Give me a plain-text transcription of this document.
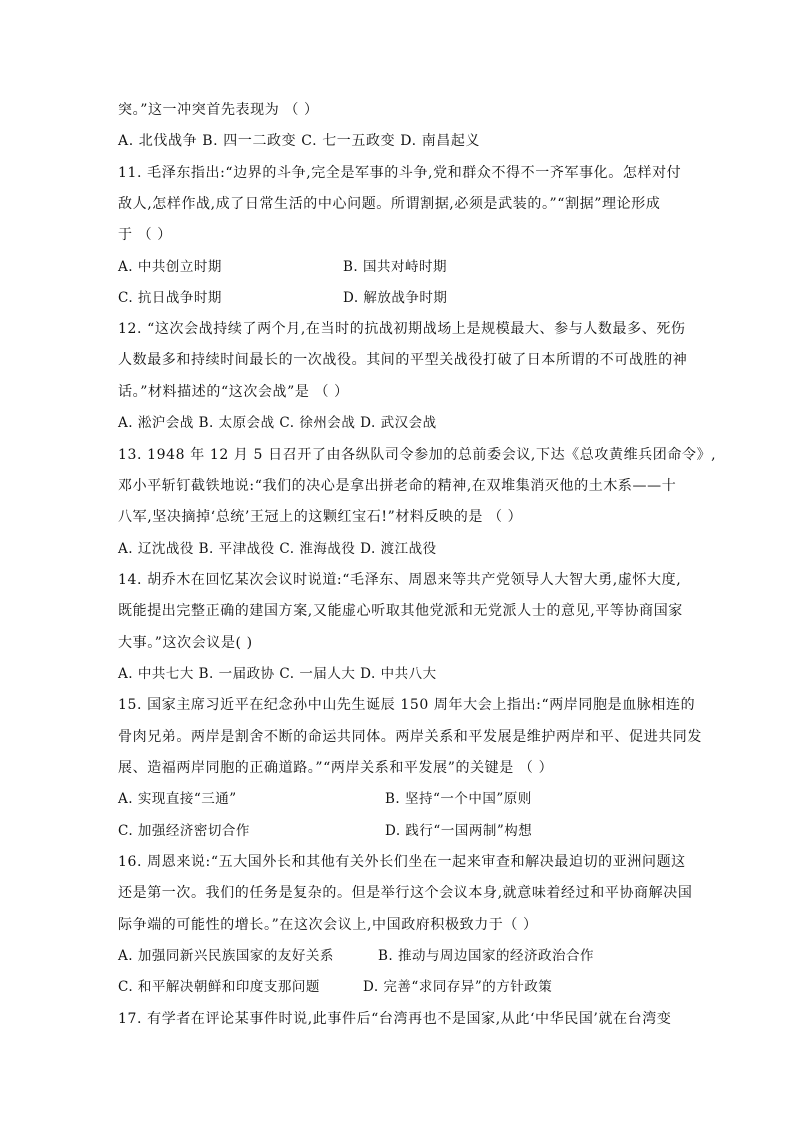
突。”这一冲突首先表现为 （ ）
A. 北伐战争 B. 四一二政变 C. 七一五政变 D. 南昌起义
11. 毛泽东指出:“边界的斗争,完全是军事的斗争,党和群众不得不一齐军事化。怎样对付
敌人,怎样作战,成了日常生活的中心问题。所谓割据,必须是武装的。”“割据”理论形成
于 （ ）
A. 中共创立时期	B. 国共对峙时期
C. 抗日战争时期	D. 解放战争时期
12. “这次会战持续了两个月,在当时的抗战初期战场上是规模最大、参与人数最多、死伤
人数最多和持续时间最长的一次战役。其间的平型关战役打破了日本所谓的不可战胜的神
话。”材料描述的“这次会战”是 （ ）
A. 淞沪会战 B. 太原会战 C. 徐州会战 D. 武汉会战
13. 1948 年 12 月 5 日召开了由各纵队司令参加的总前委会议,下达《总攻黄维兵团命令》,
邓小平斩钉截铁地说:“我们的决心是拿出拼老命的精神,在双堆集消灭他的土木系——十
八军,坚决摘掉‘总统’王冠上的这颗红宝石!”材料反映的是 （ ）
A. 辽沈战役 B. 平津战役 C. 淮海战役 D. 渡江战役
14. 胡乔木在回忆某次会议时说道:“毛泽东、周恩来等共产党领导人大智大勇,虚怀大度,
既能提出完整正确的建国方案,又能虚心听取其他党派和无党派人士的意见,平等协商国家
大事。”这次会议是( )
A. 中共七大 B. 一届政协 C. 一届人大 D. 中共八大
15. 国家主席习近平在纪念孙中山先生诞辰 150 周年大会上指出:“两岸同胞是血脉相连的
骨肉兄弟。两岸是割舍不断的命运共同体。两岸关系和平发展是维护两岸和平、促进共同发
展、造福两岸同胞的正确道路。”“两岸关系和平发展”的关键是 （ ）
A. 实现直接“三通”	B. 坚持“一个中国”原则
C. 加强经济密切合作	D. 践行“一国两制”构想
16. 周恩来说:“五大国外长和其他有关外长们坐在一起来审查和解决最迫切的亚洲问题这
还是第一次。我们的任务是复杂的。但是举行这个会议本身,就意味着经过和平协商解决国
际争端的可能性的增长。”在这次会议上,中国政府积极致力于（ ）
A. 加强同新兴民族国家的友好关系	B. 推动与周边国家的经济政治合作
C. 和平解决朝鲜和印度支那问题	D. 完善“求同存异”的方针政策
17. 有学者在评论某事件时说,此事件后“台湾再也不是国家,从此‘中华民国’就在台湾变
